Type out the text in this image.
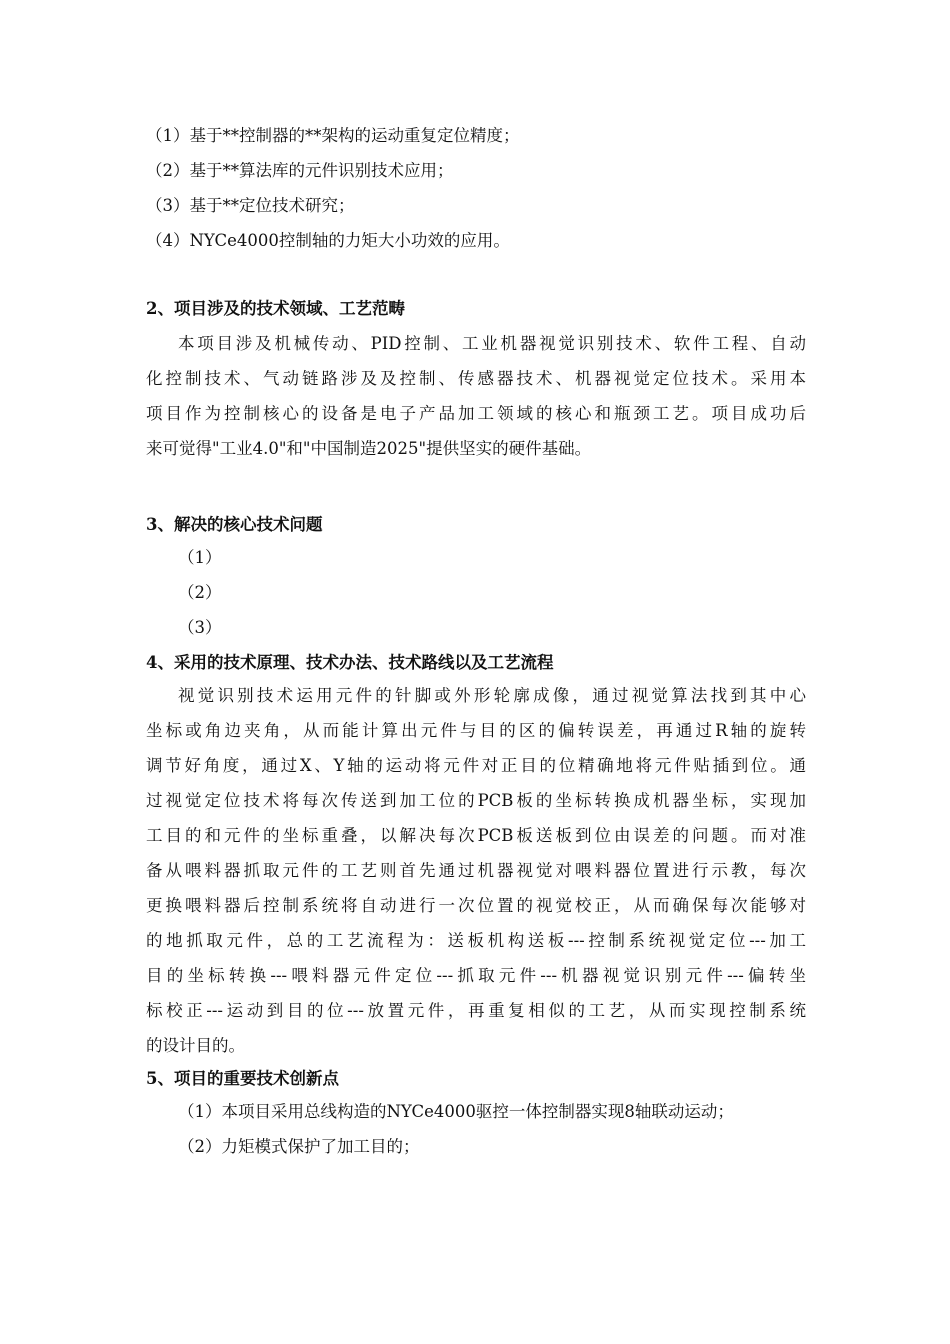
（1）基于**控制器的**架构的运动重复定位精度；
（2）基于**算法库的元件识别技术应用；
（3）基于**定位技术研究；
（4）NYCe4000控制轴的力矩大小功效的应用。
2、项目涉及的技术领域、工艺范畴
本项目涉及机械传动、PID控制、工业机器视觉识别技术、软件工程、自动
化控制技术、气动链路涉及及控制、传感器技术、机器视觉定位技术。采用本
项目作为控制核心的设备是电子产品加工领域的核心和瓶颈工艺。项目成功后
来可觉得"工业4.0"和"中国制造2025"提供坚实的硬件基础。
3、解决的核心技术问题
（1）
（2）
（3）
4、采用的技术原理、技术办法、技术路线以及工艺流程
视觉识别技术运用元件的针脚或外形轮廓成像，通过视觉算法找到其中心
坐标或角边夹角，从而能计算出元件与目的区的偏转误差，再通过R轴的旋转
调节好角度，通过X、Y轴的运动将元件对正目的位精确地将元件贴插到位。通
过视觉定位技术将每次传送到加工位的PCB板的坐标转换成机器坐标，实现加
工目的和元件的坐标重叠，以解决每次PCB板送板到位由误差的问题。而对准
备从喂料器抓取元件的工艺则首先通过机器视觉对喂料器位置进行示教，每次
更换喂料器后控制系统将自动进行一次位置的视觉校正，从而确保每次能够对
的地抓取元件，总的工艺流程为：送板机构送板---控制系统视觉定位---加工
目的坐标转换---喂料器元件定位---抓取元件---机器视觉识别元件---偏转坐
标校正---运动到目的位---放置元件，再重复相似的工艺，从而实现控制系统
的设计目的。
5、项目的重要技术创新点
（1）本项目采用总线构造的NYCe4000驱控一体控制器实现8轴联动运动；
（2）力矩模式保护了加工目的；
